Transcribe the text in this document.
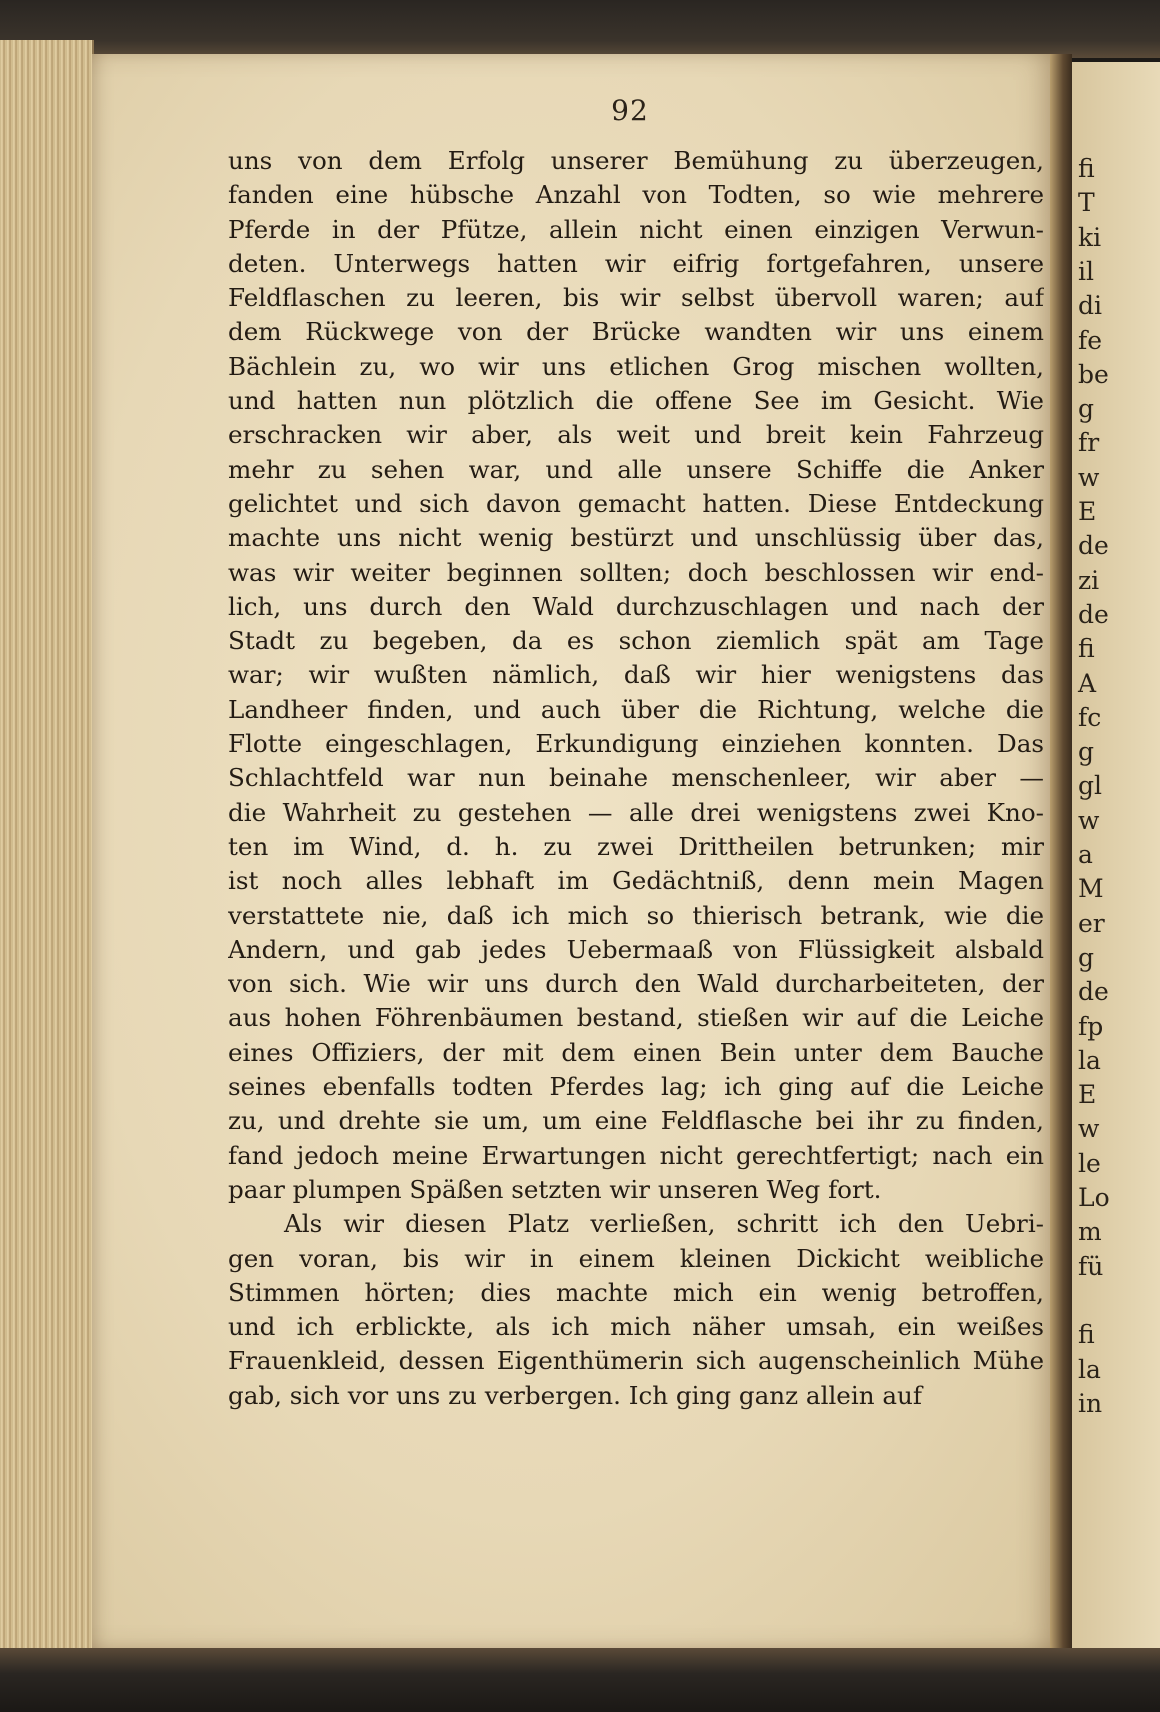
fi
T
ki
il
di
fe
be
g
fr
w
E
de
zi
de
fi
A
fc
g
gl
w
a
M
er
g
de
fp
la
E
w
le
Lo
m
fü
fi
la
in
92
uns von dem Erfolg unserer Bemühung zu überzeugen,
fanden eine hübsche Anzahl von Todten, so wie mehrere
Pferde in der Pfütze, allein nicht einen einzigen Verwun-
deten. Unterwegs hatten wir eifrig fortgefahren, unsere
Feldflaschen zu leeren, bis wir selbst übervoll waren; auf
dem Rückwege von der Brücke wandten wir uns einem
Bächlein zu, wo wir uns etlichen Grog mischen wollten,
und hatten nun plötzlich die offene See im Gesicht. Wie
erschracken wir aber, als weit und breit kein Fahrzeug
mehr zu sehen war, und alle unsere Schiffe die Anker
gelichtet und sich davon gemacht hatten. Diese Entdeckung
machte uns nicht wenig bestürzt und unschlüssig über das,
was wir weiter beginnen sollten; doch beschlossen wir end-
lich, uns durch den Wald durchzuschlagen und nach der
Stadt zu begeben, da es schon ziemlich spät am Tage
war; wir wußten nämlich, daß wir hier wenigstens das
Landheer finden, und auch über die Richtung, welche die
Flotte eingeschlagen, Erkundigung einziehen konnten. Das
Schlachtfeld war nun beinahe menschenleer, wir aber —
die Wahrheit zu gestehen — alle drei wenigstens zwei Kno-
ten im Wind, d. h. zu zwei Drittheilen betrunken; mir
ist noch alles lebhaft im Gedächtniß, denn mein Magen
verstattete nie, daß ich mich so thierisch betrank, wie die
Andern, und gab jedes Uebermaaß von Flüssigkeit alsbald
von sich. Wie wir uns durch den Wald durcharbeiteten, der
aus hohen Föhrenbäumen bestand, stießen wir auf die Leiche
eines Offiziers, der mit dem einen Bein unter dem Bauche
seines ebenfalls todten Pferdes lag; ich ging auf die Leiche
zu, und drehte sie um, um eine Feldflasche bei ihr zu finden,
fand jedoch meine Erwartungen nicht gerechtfertigt; nach ein
paar plumpen Späßen setzten wir unseren Weg fort.
Als wir diesen Platz verließen, schritt ich den Uebri-
gen voran, bis wir in einem kleinen Dickicht weibliche
Stimmen hörten; dies machte mich ein wenig betroffen,
und ich erblickte, als ich mich näher umsah, ein weißes
Frauenkleid, dessen Eigenthümerin sich augenscheinlich Mühe
gab, sich vor uns zu verbergen. Ich ging ganz allein auf
